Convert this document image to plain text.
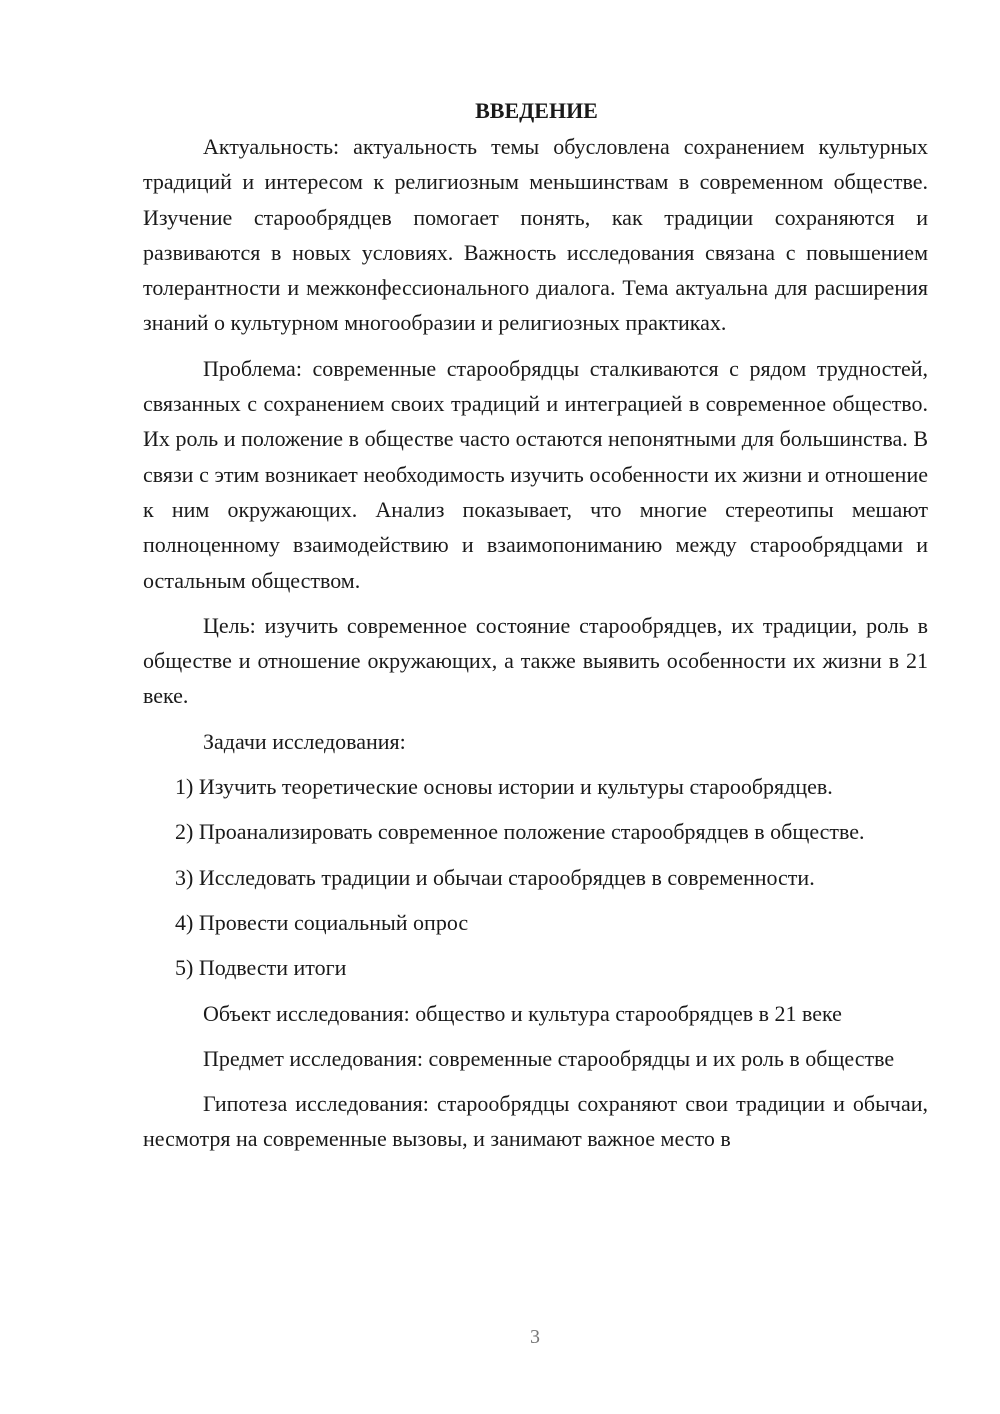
ВВЕДЕНИЕ

Актуальность: актуальность темы обусловлена сохранением культурных традиций и интересом к религиозным меньшинствам в современном обществе. Изучение старообрядцев помогает понять, как традиции сохраняются и развиваются в новых условиях. Важность исследования связана с повышением толерантности и межконфессионального диалога. Тема актуальна для расширения знаний о культурном многообразии и религиозных практиках.

Проблема: современные старообрядцы сталкиваются с рядом трудностей, связанных с сохранением своих традиций и интеграцией в современное общество. Их роль и положение в обществе часто остаются непонятными для большинства. В связи с этим возникает необходимость изучить особенности их жизни и отношение к ним окружающих. Анализ показывает, что многие стереотипы мешают полноценному взаимодействию и взаимопониманию между старообрядцами и остальным обществом.

Цель: изучить современное состояние старообрядцев, их традиции, роль в обществе и отношение окружающих, а также выявить особенности их жизни в 21 веке.

Задачи исследования:

1) Изучить теоретические основы истории и культуры старообрядцев.

2) Проанализировать современное положение старообрядцев в обществе.

3) Исследовать традиции и обычаи старообрядцев в современности.

4) Провести социальный опрос

5) Подвести итоги

Объект исследования: общество и культура старообрядцев в 21 веке

Предмет исследования: современные старообрядцы и их роль в обществе

Гипотеза исследования: старообрядцы сохраняют свои традиции и обычаи, несмотря на современные вызовы, и занимают важное место в

3
